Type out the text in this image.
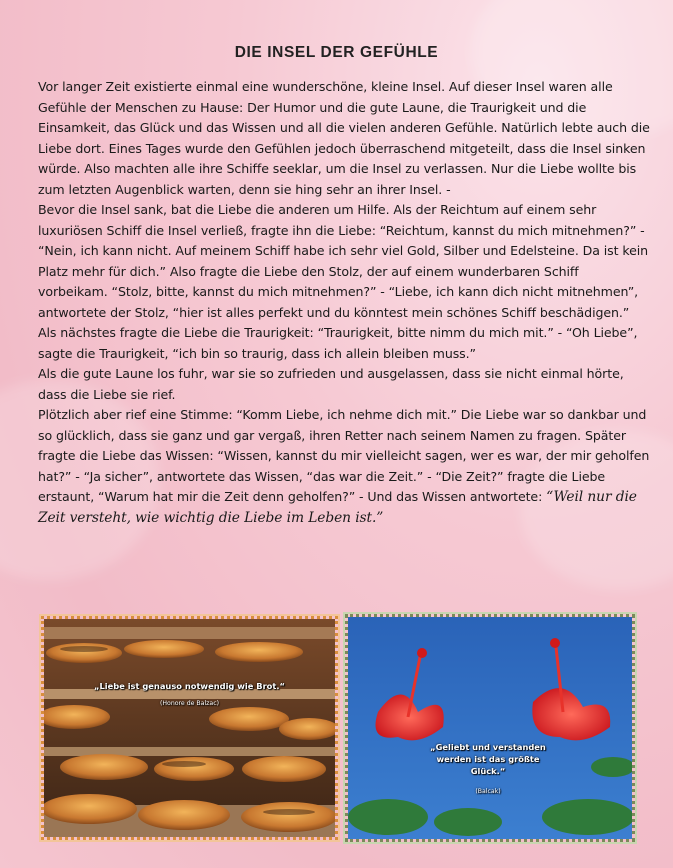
DIE INSEL DER GEFÜHLE

Vor langer Zeit existierte einmal eine wunderschöne, kleine Insel. Auf dieser Insel waren alle Gefühle der Menschen zu Hause: Der Humor und die gute Laune, die Traurigkeit und die Einsamkeit, das Glück und das Wissen und all die vielen anderen Gefühle. Natürlich lebte auch die Liebe dort. Eines Tages wurde den Gefühlen jedoch überraschend mitgeteilt, dass die Insel sinken würde. Also machten alle ihre Schiffe seeklar, um die Insel zu verlassen. Nur die Liebe wollte bis zum letzten Augenblick warten, denn sie hing sehr an ihrer Insel. -

Bevor die Insel sank, bat die Liebe die anderen um Hilfe. Als der Reichtum auf einem sehr luxuriösen Schiff die Insel verließ, fragte ihn die Liebe: “Reichtum, kannst du mich mitnehmen?” - “Nein, ich kann nicht. Auf meinem Schiff habe ich sehr viel Gold, Silber und Edelsteine. Da ist kein Platz mehr für dich.” Also fragte die Liebe den Stolz, der auf einem wunderbaren Schiff vorbeikam. “Stolz, bitte, kannst du mich mitnehmen?” - “Liebe, ich kann dich nicht mitnehmen”, antwortete der Stolz, “hier ist alles perfekt und du könntest mein schönes Schiff beschädigen.” Als nächstes fragte die Liebe die Traurigkeit: “Traurigkeit, bitte nimm du mich mit.” - “Oh Liebe”, sagte die Traurigkeit, “ich bin so traurig, dass ich allein bleiben muss.”

Als die gute Laune los fuhr, war sie so zufrieden und ausgelassen, dass sie nicht einmal hörte, dass die Liebe sie rief.

Plötzlich aber rief eine Stimme: “Komm Liebe, ich nehme dich mit.” Die Liebe war so dankbar und so glücklich, dass sie ganz und gar vergaß, ihren Retter nach seinem Namen zu fragen. Später fragte die Liebe das Wissen: “Wissen, kannst du mir vielleicht sagen, wer es war, der mir geholfen hat?” - “Ja sicher”, antwortete das Wissen, “das war die Zeit.” - “Die Zeit?” fragte die Liebe erstaunt, “Warum hat mir die Zeit denn geholfen?” - Und das Wissen antwortete: “Weil nur die Zeit versteht, wie wichtig die Liebe im Leben ist.”

„Liebe ist genauso notwendig wie Brot.“
(Honore de Balzac)
„Geliebt und verstanden werden ist das größte Glück.“
(Balcak)
